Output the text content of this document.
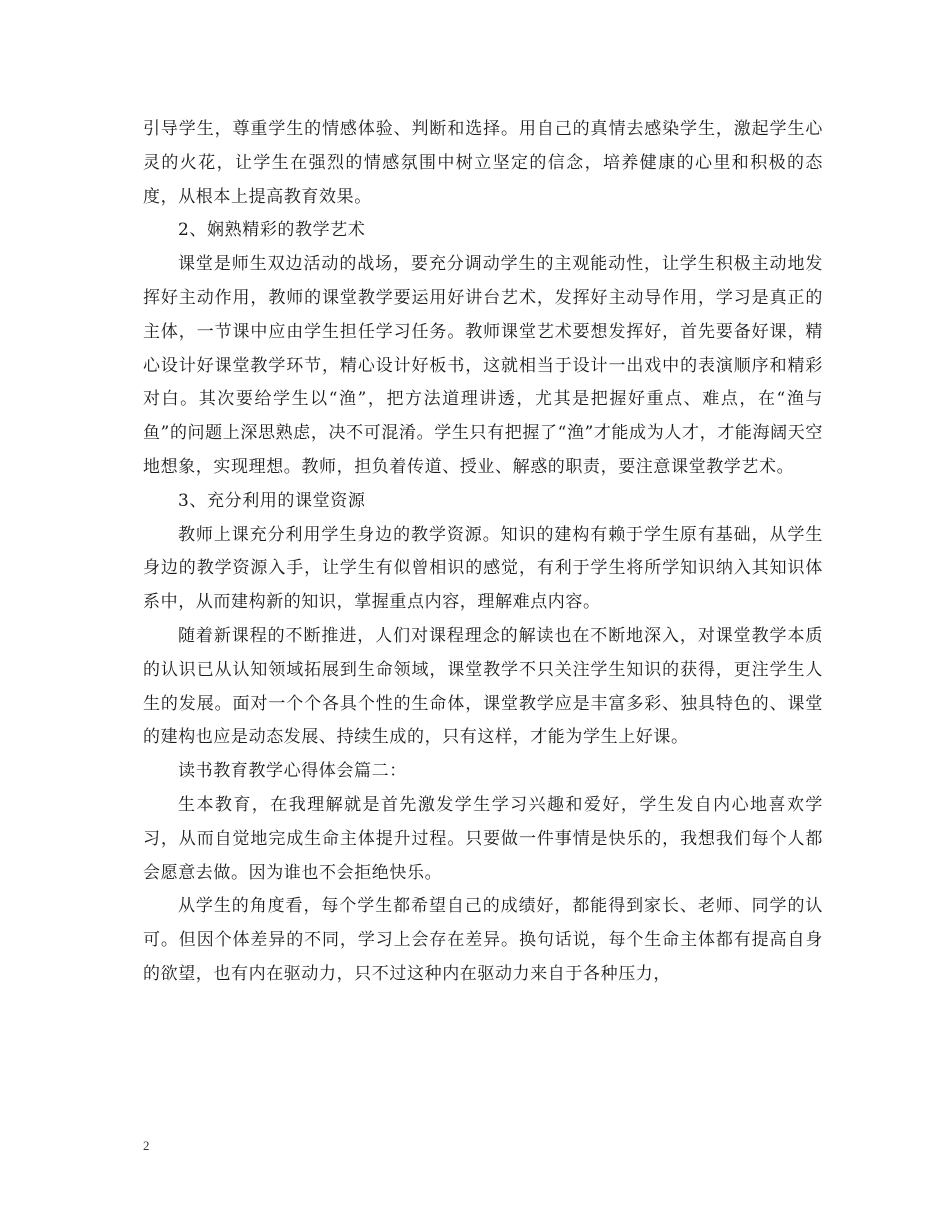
引导学生，尊重学生的情感体验、判断和选择。用自己的真情去感染学生，激起学生心灵的火花，让学生在强烈的情感氛围中树立坚定的信念，培养健康的心里和积极的态度，从根本上提高教育效果。

2、娴熟精彩的教学艺术

课堂是师生双边活动的战场，要充分调动学生的主观能动性，让学生积极主动地发挥好主动作用，教师的课堂教学要运用好讲台艺术，发挥好主动导作用，学习是真正的主体，一节课中应由学生担任学习任务。教师课堂艺术要想发挥好，首先要备好课，精心设计好课堂教学环节，精心设计好板书，这就相当于设计一出戏中的表演顺序和精彩对白。其次要给学生以“渔”，把方法道理讲透，尤其是把握好重点、难点，在“渔与鱼”的问题上深思熟虑，决不可混淆。学生只有把握了“渔”才能成为人才，才能海阔天空地想象，实现理想。教师，担负着传道、授业、解惑的职责，要注意课堂教学艺术。

3、充分利用的课堂资源

教师上课充分利用学生身边的教学资源。知识的建构有赖于学生原有基础，从学生身边的教学资源入手，让学生有似曾相识的感觉，有利于学生将所学知识纳入其知识体系中，从而建构新的知识，掌握重点内容，理解难点内容。

随着新课程的不断推进，人们对课程理念的解读也在不断地深入，对课堂教学本质的认识已从认知领域拓展到生命领域，课堂教学不只关注学生知识的获得，更注学生人生的发展。面对一个个各具个性的生命体，课堂教学应是丰富多彩、独具特色的、课堂的建构也应是动态发展、持续生成的，只有这样，才能为学生上好课。

读书教育教学心得体会篇二：

生本教育，在我理解就是首先激发学生学习兴趣和爱好，学生发自内心地喜欢学习，从而自觉地完成生命主体提升过程。只要做一件事情是快乐的，我想我们每个人都会愿意去做。因为谁也不会拒绝快乐。

从学生的角度看，每个学生都希望自己的成绩好，都能得到家长、老师、同学的认可。但因个体差异的不同，学习上会存在差异。换句话说，每个生命主体都有提高自身的欲望，也有内在驱动力，只不过这种内在驱动力来自于各种压力，

2
